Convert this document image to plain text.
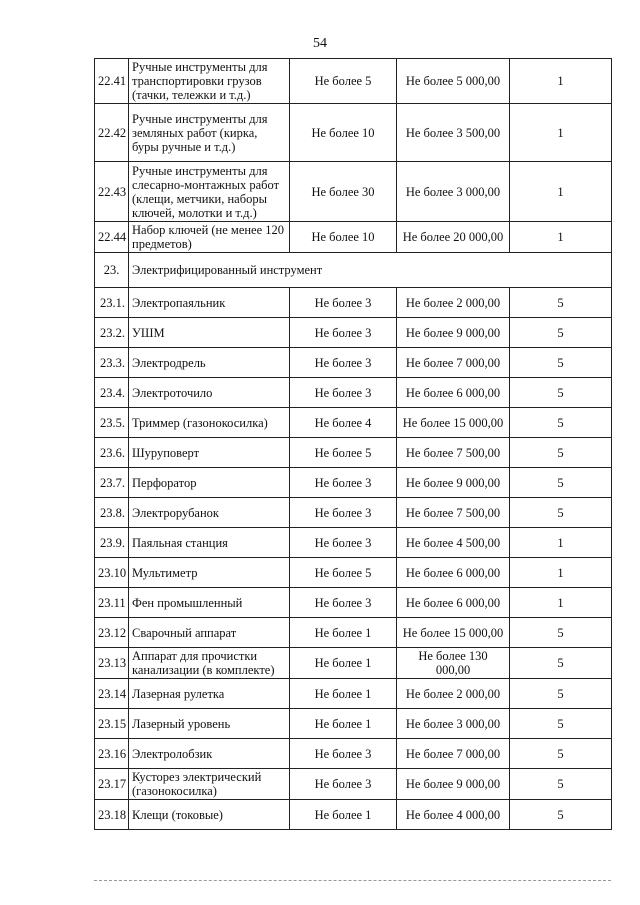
54
22.41	Ручные инструменты для транспортировки грузов (тачки, тележки и т.д.)	Не более 5	Не более 5 000,00	1
22.42	Ручные инструменты для земляных работ (кирка, буры ручные и т.д.)	Не более 10	Не более 3 500,00	1
22.43	Ручные инструменты для слесарно-монтажных работ (клещи, метчики, наборы ключей, молотки и т.д.)	Не более 30	Не более 3 000,00	1
22.44	Набор ключей (не менее 120 предметов)	Не более 10	Не более 20 000,00	1
23.	Электрифицированный инструмент			
23.1.	Электропаяльник	Не более 3	Не более 2 000,00	5
23.2.	УШМ	Не более 3	Не более 9 000,00	5
23.3.	Электродрель	Не более 3	Не более 7 000,00	5
23.4.	Электроточило	Не более 3	Не более 6 000,00	5
23.5.	Триммер (газонокосилка)	Не более 4	Не более 15 000,00	5
23.6.	Шуруповерт	Не более 5	Не более 7 500,00	5
23.7.	Перфоратор	Не более 3	Не более 9 000,00	5
23.8.	Электрорубанок	Не более 3	Не более 7 500,00	5
23.9.	Паяльная станция	Не более 3	Не более 4 500,00	1
23.10	Мультиметр	Не более 5	Не более 6 000,00	1
23.11	Фен промышленный	Не более 3	Не более 6 000,00	1
23.12	Сварочный аппарат	Не более 1	Не более 15 000,00	5
23.13	Аппарат для прочистки канализации (в комплекте)	Не более 1	Не более 130 000,00	5
23.14	Лазерная рулетка	Не более 1	Не более 2 000,00	5
23.15	Лазерный уровень	Не более 1	Не более 3 000,00	5
23.16	Электролобзик	Не более 3	Не более 7 000,00	5
23.17	Кусторез электрический (газонокосилка)	Не более 3	Не более 9 000,00	5
23.18	Клещи (токовые)	Не более 1	Не более 4 000,00	5
